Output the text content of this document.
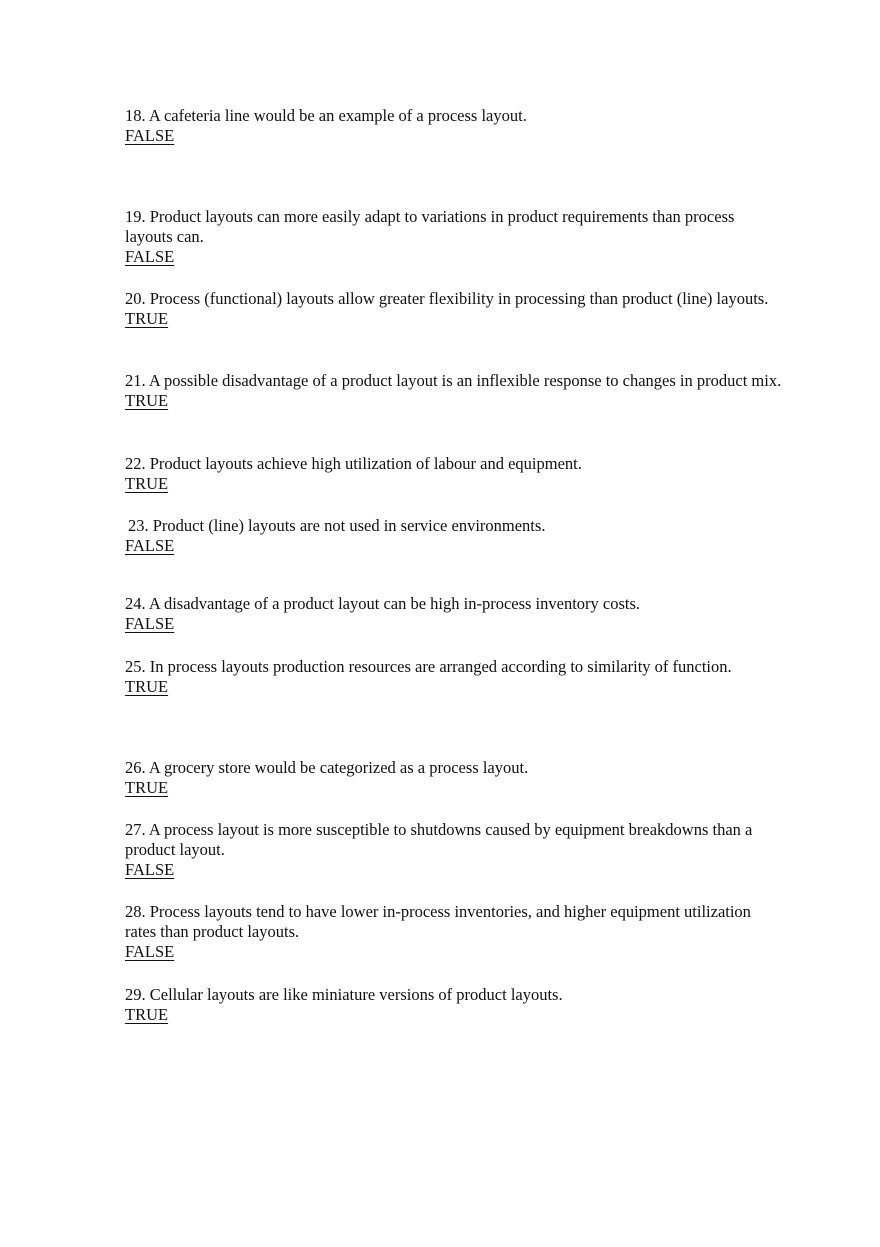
18. A cafeteria line would be an example of a process layout.

FALSE

19. Product layouts can more easily adapt to variations in product requirements than process layouts can.

FALSE

20. Process (functional) layouts allow greater flexibility in processing than product (line) layouts.

TRUE

21. A possible disadvantage of a product layout is an inflexible response to changes in product mix.

TRUE

22. Product layouts achieve high utilization of labour and equipment.

TRUE

23. Product (line) layouts are not used in service environments.

FALSE

24. A disadvantage of a product layout can be high in-process inventory costs.

FALSE

25. In process layouts production resources are arranged according to similarity of function.

TRUE

26. A grocery store would be categorized as a process layout.

TRUE

27. A process layout is more susceptible to shutdowns caused by equipment breakdowns than a product layout.

FALSE

28. Process layouts tend to have lower in-process inventories, and higher equipment utilization rates than product layouts.

FALSE

29. Cellular layouts are like miniature versions of product layouts.

TRUE
